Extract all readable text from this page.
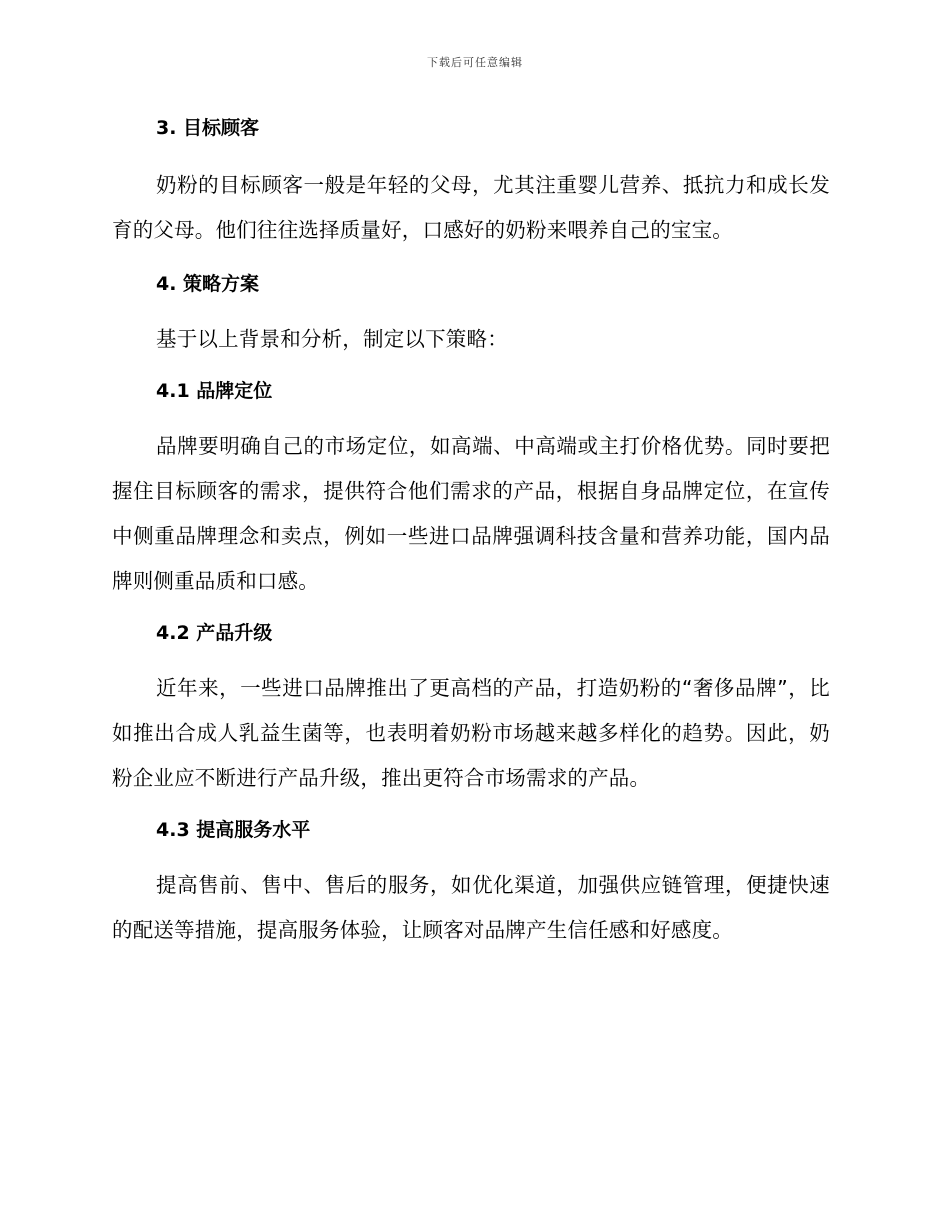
下载后可任意编辑
3. 目标顾客

奶粉的目标顾客一般是年轻的父母，尤其注重婴儿营养、抵抗力和成长发育的父母。他们往往选择质量好，口感好的奶粉来喂养自己的宝宝。

4. 策略方案

基于以上背景和分析，制定以下策略：

4.1 品牌定位

品牌要明确自己的市场定位，如高端、中高端或主打价格优势。同时要把握住目标顾客的需求，提供符合他们需求的产品，根据自身品牌定位，在宣传中侧重品牌理念和卖点，例如一些进口品牌强调科技含量和营养功能，国内品牌则侧重品质和口感。

4.2 产品升级

近年来，一些进口品牌推出了更高档的产品，打造奶粉的“奢侈品牌”，比如推出合成人乳益生菌等，也表明着奶粉市场越来越多样化的趋势。因此，奶粉企业应不断进行产品升级，推出更符合市场需求的产品。

4.3 提高服务水平

提高售前、售中、售后的服务，如优化渠道，加强供应链管理，便捷快速的配送等措施，提高服务体验，让顾客对品牌产生信任感和好感度。
